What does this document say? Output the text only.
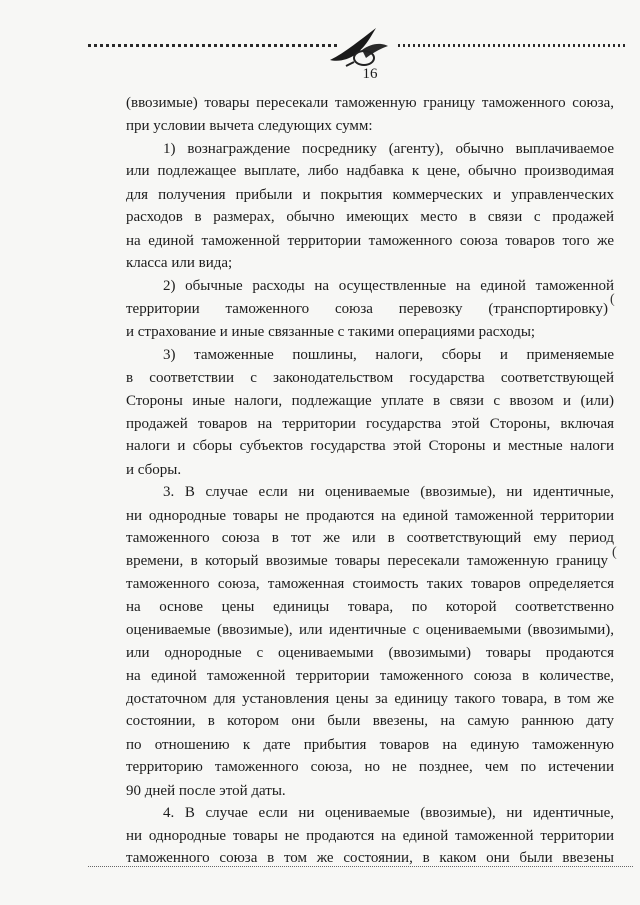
16
(ввозимые) товары пересекали таможенную границу таможенного союза,
при условии вычета следующих сумм:
1) вознаграждение посреднику (агенту), обычно выплачиваемое
или подлежащее выплате, либо надбавка к цене, обычно производимая
для получения прибыли и покрытия коммерческих и управленческих
расходов в размерах, обычно имеющих место в связи с продажей
на единой таможенной территории таможенного союза товаров того же
класса или вида;
2) обычные расходы на осуществленные на единой таможенной
территории таможенного союза перевозку (транспортировку)
(
и страхование и иные связанные с такими операциями расходы;
3) таможенные пошлины, налоги, сборы и применяемые
в соответствии с законодательством государства соответствующей
Стороны иные налоги, подлежащие уплате в связи с ввозом и (или)
продажей товаров на территории государства этой Стороны, включая
налоги и сборы субъектов государства этой Стороны и местные налоги
и сборы.
3. В случае если ни оцениваемые (ввозимые), ни идентичные,
ни однородные товары не продаются на единой таможенной территории
таможенного союза в тот же или в соответствующий ему период
времени, в который ввозимые товары пересекали таможенную границу
(
таможенного союза, таможенная стоимость таких товаров определяется
на основе цены единицы товара, по которой соответственно
оцениваемые (ввозимые), или идентичные с оцениваемыми (ввозимыми),
или однородные с оцениваемыми (ввозимыми) товары продаются
на единой таможенной территории таможенного союза в количестве,
достаточном для установления цены за единицу такого товара, в том же
состоянии, в котором они были ввезены, на самую раннюю дату
по отношению к дате прибытия товаров на единую таможенную
территорию таможенного союза, но не позднее, чем по истечении
90 дней после этой даты.
4. В случае если ни оцениваемые (ввозимые), ни идентичные,
ни однородные товары не продаются на единой таможенной территории
таможенного союза в том же состоянии, в каком они были ввезены
